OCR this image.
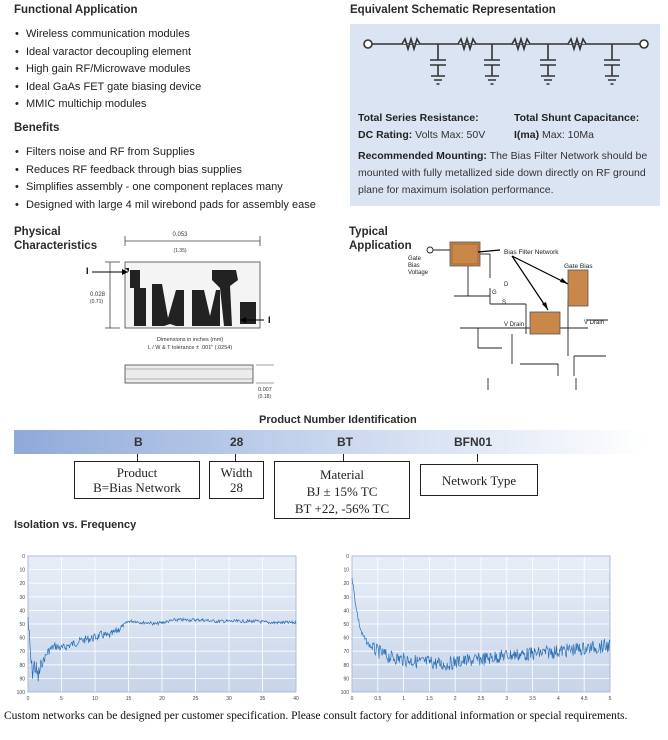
Functional Application
• Wireless communication modules
• Ideal varactor decoupling element
• High gain RF/Microwave modules
• Ideal GaAs FET gate biasing device
• MMIC multichip modules
Benefits
• Filters noise and RF from Supplies
• Reduces RF feedback through bias supplies
• Simplifies assembly - one component replaces many
• Designed with large 4 mil wirebond pads for assembly ease
Equivalent Schematic Representation
Total Series Resistance:	Total Shunt Capacitance:
DC Rating: Volts Max: 50V	I(ma) Max: 10Ma
Recommended Mounting: The Bias Filter Network should be mounted with fully metallized side down directly on RF ground plane for maximum isolation performance.
Physical
Characteristics
0.053
(1.35)
0.028
(0.71)
I
I
Dimensions in inches (mm)
L / W & T tolerance ± .001" (.0254)
0.007
(0.18)
Typical
Application
Gate
Bias
Voltage
Bias Filter Network
Gate Bias
V Drain	V Drain
G
D
S
Product Number Identification
B	28	BT	BFN01
Product
B=Bias Network
Width
28
Material
BJ ± 15% TC
BT +22, -56% TC
Network Type
Isolation vs. Frequency
0
10
20
30
40
50
60
70
80
90
100
0	5	10	15	20	25	30	35	40
0
10
20
30
40
50
60
70
80
90
100
0	0.5	1	1.5	2	2.5	3	3.5	4	4.5	5
Custom networks can be designed per customer specification. Please consult factory for additional information or special requirements.
